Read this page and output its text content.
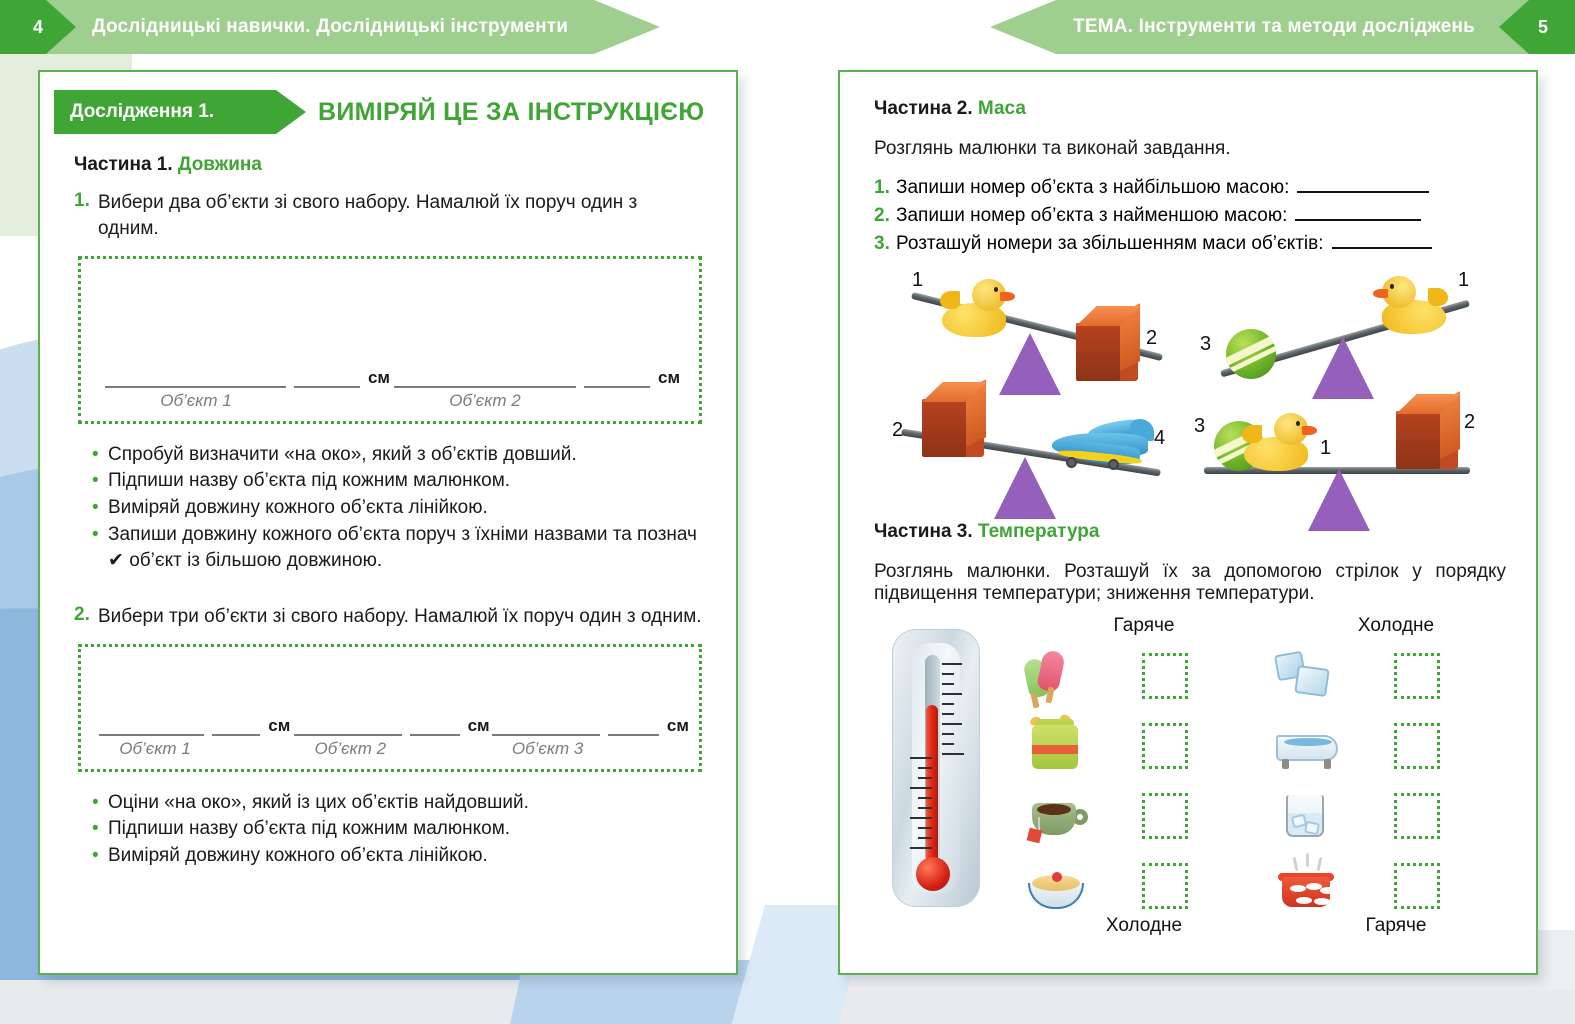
4	Дослідницькі навички. Дослідницькі інструменти	5
ТЕМА. Інструменти та методи досліджень
Дослідження 1.	ВИМІРЯЙ ЦЕ ЗА ІНСТРУКЦІЄЮ
Частина 1. Довжина
1. Вибери два об’єкти зі свого набору. Намалюй їх поруч один з одним.
см
Об’єкт 1
см
Об’єкт 2
• Спробуй визначити «на око», який з об’єктів довший.
• Підпиши назву об’єкта під кожним малюнком.
• Виміряй довжину кожного об’єкта лінійкою.
• Запиши довжину кожного об’єкта поруч з їхніми назвами та познач ✔ об’єкт із більшою довжиною.
2. Вибери три об’єкти зі свого набору. Намалюй їх поруч один з одним.
см
Об’єкт 1
см
Об’єкт 2
см
Об’єкт 3
• Оціни «на око», який із цих об’єктів найдовший.
• Підпиши назву об’єкта під кожним малюнком.
• Виміряй довжину кожного об’єкта лінійкою.
Частина 2. Маса
Розглянь малюнки та виконай завдання.
1. Запиши номер об’єкта з найбільшою масою:
2. Запиши номер об’єкта з найменшою масою:
3. Розташуй номери за збільшенням маси об’єктів:
1
2 3
1
2	4
3
1
2
Частина 3. Температура
Розглянь малюнки. Розташуй їх за допомогою стрілок у порядку підвищення температури; зниження температури.
Гаряче
Холодне
Холодне
Гаряче
